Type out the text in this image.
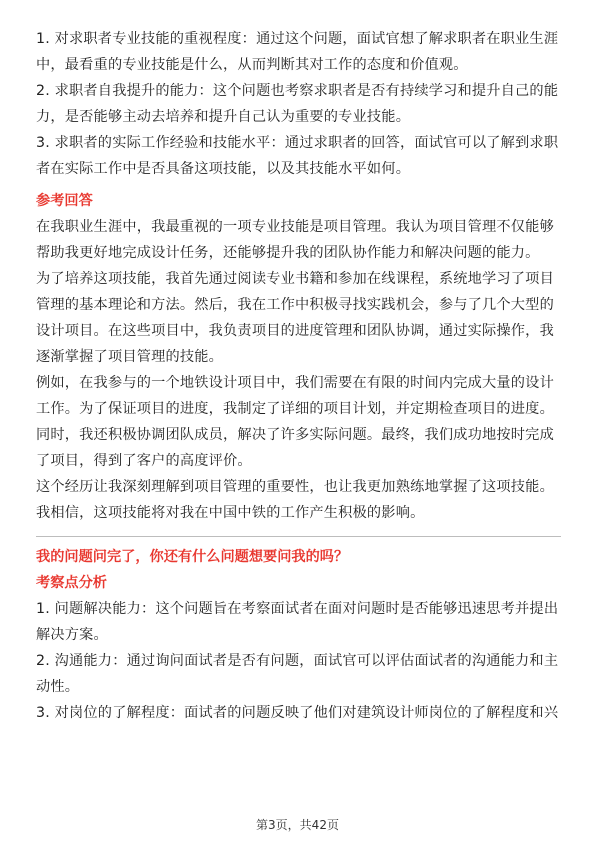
1. 对求职者专业技能的重视程度：通过这个问题，面试官想了解求职者在职业生涯
中，最看重的专业技能是什么，从而判断其对工作的态度和价值观。
2. 求职者自我提升的能力：这个问题也考察求职者是否有持续学习和提升自己的能
力，是否能够主动去培养和提升自己认为重要的专业技能。
3. 求职者的实际工作经验和技能水平：通过求职者的回答，面试官可以了解到求职
者在实际工作中是否具备这项技能，以及其技能水平如何。
参考回答
在我职业生涯中，我最重视的一项专业技能是项目管理。我认为项目管理不仅能够
帮助我更好地完成设计任务，还能够提升我的团队协作能力和解决问题的能力。
为了培养这项技能，我首先通过阅读专业书籍和参加在线课程，系统地学习了项目
管理的基本理论和方法。然后，我在工作中积极寻找实践机会，参与了几个大型的
设计项目。在这些项目中，我负责项目的进度管理和团队协调，通过实际操作，我
逐渐掌握了项目管理的技能。
例如，在我参与的一个地铁设计项目中，我们需要在有限的时间内完成大量的设计
工作。为了保证项目的进度，我制定了详细的项目计划，并定期检查项目的进度。
同时，我还积极协调团队成员，解决了许多实际问题。最终，我们成功地按时完成
了项目，得到了客户的高度评价。
这个经历让我深刻理解到项目管理的重要性，也让我更加熟练地掌握了这项技能。
我相信，这项技能将对我在中国中铁的工作产生积极的影响。
我的问题问完了，你还有什么问题想要问我的吗？
考察点分析
1. 问题解决能力：这个问题旨在考察面试者在面对问题时是否能够迅速思考并提出
解决方案。
2. 沟通能力：通过询问面试者是否有问题，面试官可以评估面试者的沟通能力和主
动性。
3. 对岗位的了解程度：面试者的问题反映了他们对建筑设计师岗位的了解程度和兴
第3页，共42页
